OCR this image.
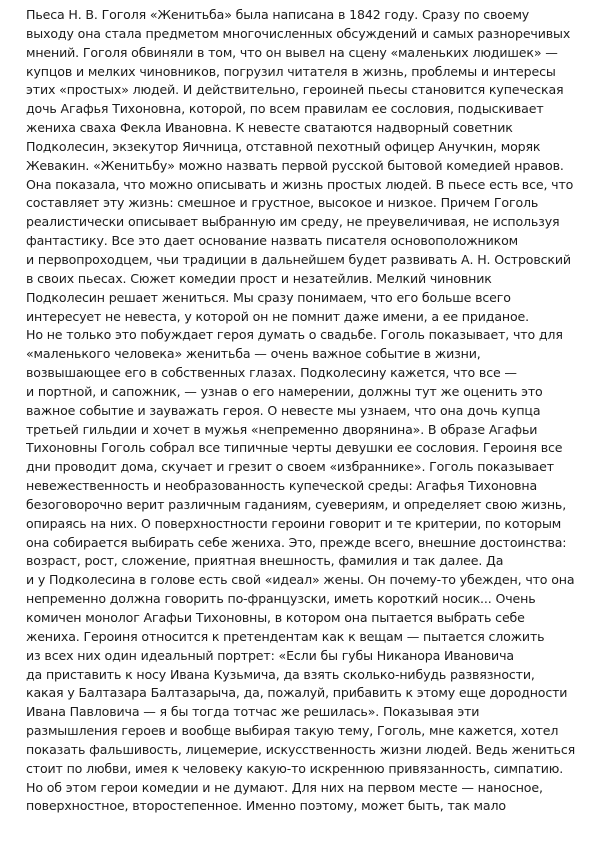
Пьеса Н. В. Гоголя «Женитьба» была написана в 1842 году. Сразу по своему
выходу она стала предметом многочисленных обсуждений и самых разноречивых
мнений. Гоголя обвиняли в том, что он вывел на сцену «маленьких людишек» —
купцов и мелких чиновников, погрузил читателя в жизнь, проблемы и интересы
этих «простых» людей. И действительно, героиней пьесы становится купеческая
дочь Агафья Тихоновна, которой, по всем правилам ее сословия, подыскивает
жениха сваха Фекла Ивановна. К невесте сватаются надворный советник
Подколесин, экзекутор Яичница, отставной пехотный офицер Анучкин, моряк
Жевакин. «Женитьбу» можно назвать первой русской бытовой комедией нравов.
Она показала, что можно описывать и жизнь простых людей. В пьесе есть все, что
составляет эту жизнь: смешное и грустное, высокое и низкое. Причем Гоголь
реалистически описывает выбранную им среду, не преувеличивая, не используя
фантастику. Все это дает основание назвать писателя основоположником
и первопроходцем, чьи традиции в дальнейшем будет развивать А. Н. Островский
в своих пьесах. Сюжет комедии прост и незатейлив. Мелкий чиновник
Подколесин решает жениться. Мы сразу понимаем, что его больше всего
интересует не невеста, у которой он не помнит даже имени, а ее приданое.
Но не только это побуждает героя думать о свадьбе. Гоголь показывает, что для
«маленького человека» женитьба — очень важное событие в жизни,
возвышающее его в собственных глазах. Подколесину кажется, что все —
и портной, и сапожник, — узнав о его намерении, должны тут же оценить это
важное событие и зауважать героя. О невесте мы узнаем, что она дочь купца
третьей гильдии и хочет в мужья «непременно дворянина». В образе Агафьи
Тихоновны Гоголь собрал все типичные черты девушки ее сословия. Героиня все
дни проводит дома, скучает и грезит о своем «избраннике». Гоголь показывает
невежественность и необразованность купеческой среды: Агафья Тихоновна
безоговорочно верит различным гаданиям, суевериям, и определяет свою жизнь,
опираясь на них. О поверхностности героини говорит и те критерии, по которым
она собирается выбирать себе жениха. Это, прежде всего, внешние достоинства:
возраст, рост, сложение, приятная внешность, фамилия и так далее. Да
и у Подколесина в голове есть свой «идеал» жены. Он почему-то убежден, что она
непременно должна говорить по-французски, иметь короткий носик... Очень
комичен монолог Агафьи Тихоновны, в котором она пытается выбрать себе
жениха. Героиня относится к претендентам как к вещам — пытается сложить
из всех них один идеальный портрет: «Если бы губы Никанора Ивановича
да приставить к носу Ивана Кузьмича, да взять сколько-нибудь развязности,
какая у Балтазара Балтазарыча, да, пожалуй, прибавить к этому еще дородности
Ивана Павловича — я бы тогда тотчас же решилась». Показывая эти
размышления героев и вообще выбирая такую тему, Гоголь, мне кажется, хотел
показать фальшивость, лицемерие, искусственность жизни людей. Ведь жениться
стоит по любви, имея к человеку какую-то искреннюю привязанность, симпатию.
Но об этом герои комедии и не думают. Для них на первом месте — наносное,
поверхностное, второстепенное. Именно поэтому, может быть, так мало
